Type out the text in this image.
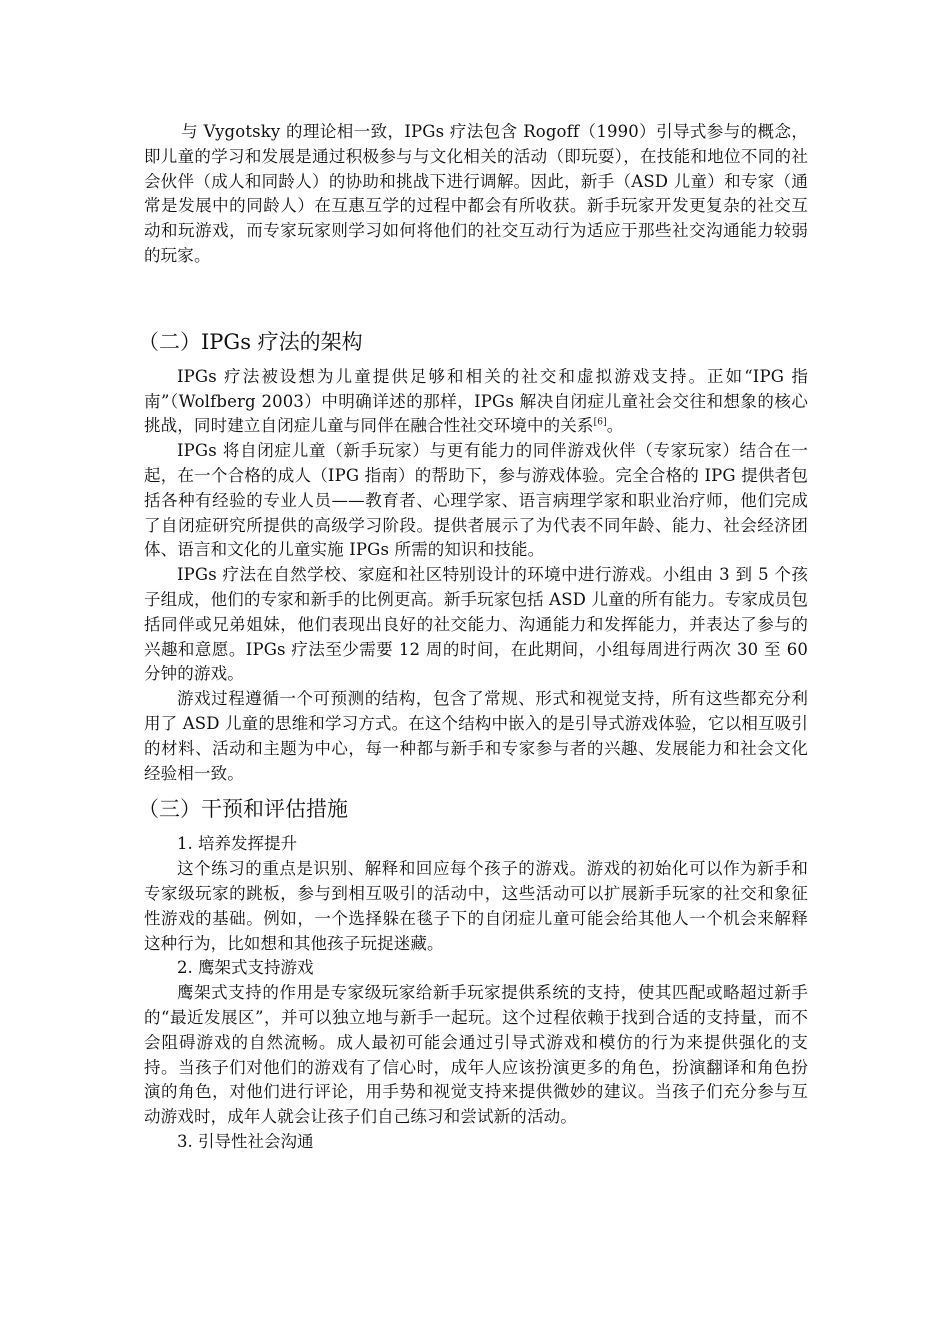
与 Vygotsky 的理论相一致，IPGs 疗法包含 Rogoff（1990）引导式参与的概念，即儿童的学习和发展是通过积极参与与文化相关的活动（即玩耍），在技能和地位不同的社会伙伴（成人和同龄人）的协助和挑战下进行调解。因此，新手（ASD 儿童）和专家（通常是发展中的同龄人）在互惠互学的过程中都会有所收获。新手玩家开发更复杂的社交互动和玩游戏，而专家玩家则学习如何将他们的社交互动行为适应于那些社交沟通能力较弱的玩家。

（二）IPGs 疗法的架构

IPGs 疗法被设想为儿童提供足够和相关的社交和虚拟游戏支持。正如“IPG 指南”（Wolfberg 2003）中明确详述的那样，IPGs 解决自闭症儿童社会交往和想象的核心挑战，同时建立自闭症儿童与同伴在融合性社交环境中的关系[6]。

IPGs 将自闭症儿童（新手玩家）与更有能力的同伴游戏伙伴（专家玩家）结合在一起，在一个合格的成人（IPG 指南）的帮助下，参与游戏体验。完全合格的 IPG 提供者包括各种有经验的专业人员——教育者、心理学家、语言病理学家和职业治疗师，他们完成了自闭症研究所提供的高级学习阶段。提供者展示了为代表不同年龄、能力、社会经济团体、语言和文化的儿童实施 IPGs 所需的知识和技能。

IPGs 疗法在自然学校、家庭和社区特别设计的环境中进行游戏。小组由 3 到 5 个孩子组成，他们的专家和新手的比例更高。新手玩家包括 ASD 儿童的所有能力。专家成员包括同伴或兄弟姐妹，他们表现出良好的社交能力、沟通能力和发挥能力，并表达了参与的兴趣和意愿。IPGs 疗法至少需要 12 周的时间，在此期间，小组每周进行两次 30 至 60 分钟的游戏。

游戏过程遵循一个可预测的结构，包含了常规、形式和视觉支持，所有这些都充分利用了 ASD 儿童的思维和学习方式。在这个结构中嵌入的是引导式游戏体验，它以相互吸引的材料、活动和主题为中心，每一种都与新手和专家参与者的兴趣、发展能力和社会文化经验相一致。

（三）干预和评估措施

1. 培养发挥提升

这个练习的重点是识别、解释和回应每个孩子的游戏。游戏的初始化可以作为新手和专家级玩家的跳板，参与到相互吸引的活动中，这些活动可以扩展新手玩家的社交和象征性游戏的基础。例如，一个选择躲在毯子下的自闭症儿童可能会给其他人一个机会来解释这种行为，比如想和其他孩子玩捉迷藏。

2. 鹰架式支持游戏

鹰架式支持的作用是专家级玩家给新手玩家提供系统的支持，使其匹配或略超过新手的“最近发展区”，并可以独立地与新手一起玩。这个过程依赖于找到合适的支持量，而不会阻碍游戏的自然流畅。成人最初可能会通过引导式游戏和模仿的行为来提供强化的支持。当孩子们对他们的游戏有了信心时，成年人应该扮演更多的角色，扮演翻译和角色扮演的角色，对他们进行评论，用手势和视觉支持来提供微妙的建议。当孩子们充分参与互动游戏时，成年人就会让孩子们自己练习和尝试新的活动。

3. 引导性社会沟通
